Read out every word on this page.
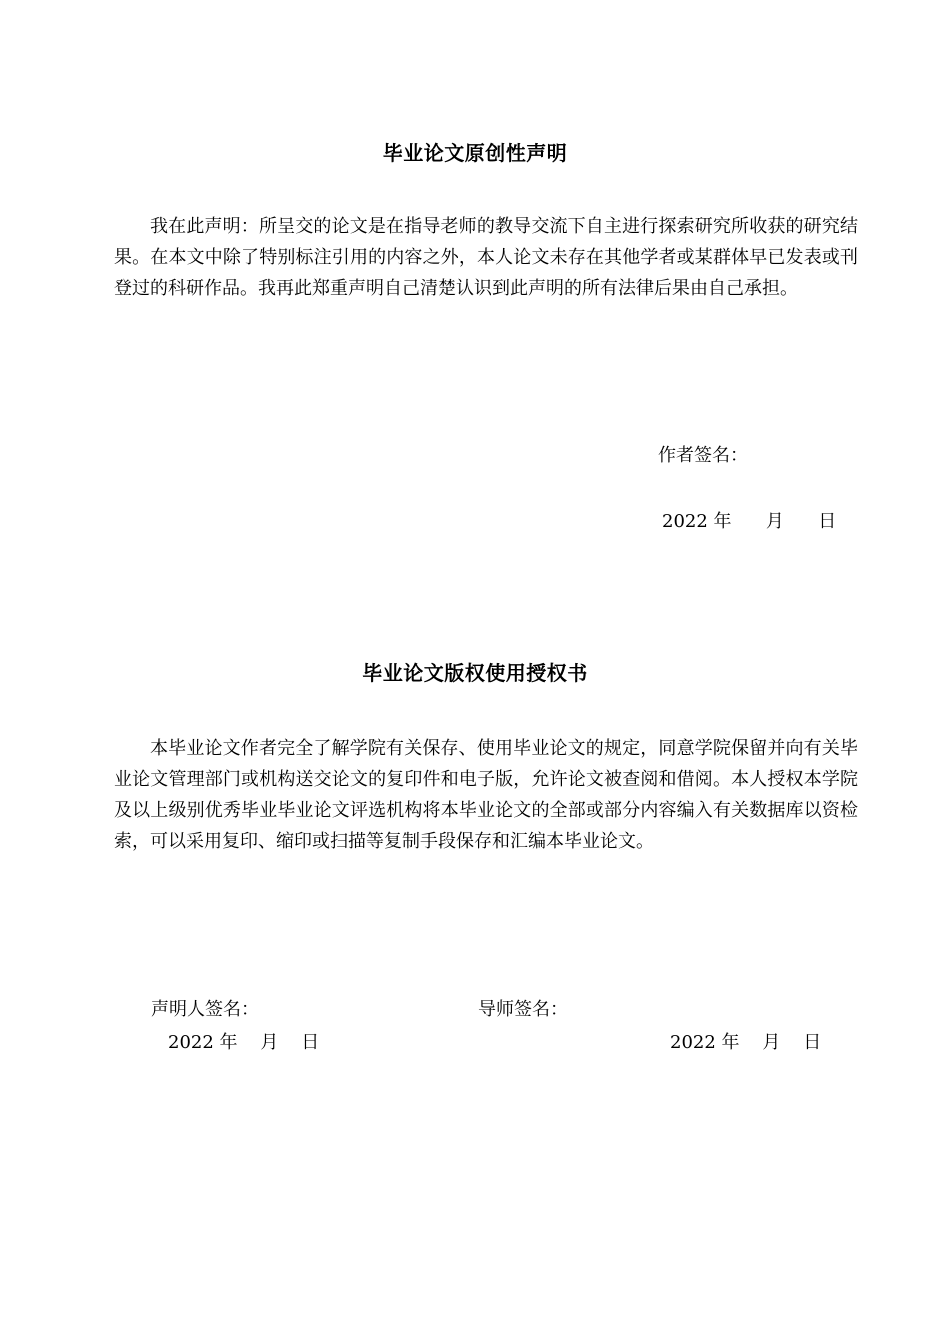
毕业论文原创性声明

我在此声明：所呈交的论文是在指导老师的教导交流下自主进行探索研究所收获的研究结果。在本文中除了特别标注引用的内容之外，本人论文未存在其他学者或某群体早已发表或刊登过的科研作品。我再此郑重声明自己清楚认识到此声明的所有法律后果由自己承担。

作者签名：
2022 年      月      日
毕业论文版权使用授权书

本毕业论文作者完全了解学院有关保存、使用毕业论文的规定，同意学院保留并向有关毕业论文管理部门或机构送交论文的复印件和电子版，允许论文被查阅和借阅。本人授权本学院及以上级别优秀毕业毕业论文评选机构将本毕业论文的全部或部分内容编入有关数据库以资检索，可以采用复印、缩印或扫描等复制手段保存和汇编本毕业论文。

声明人签名：	导师签名：
2022 年    月    日	2022 年    月    日
